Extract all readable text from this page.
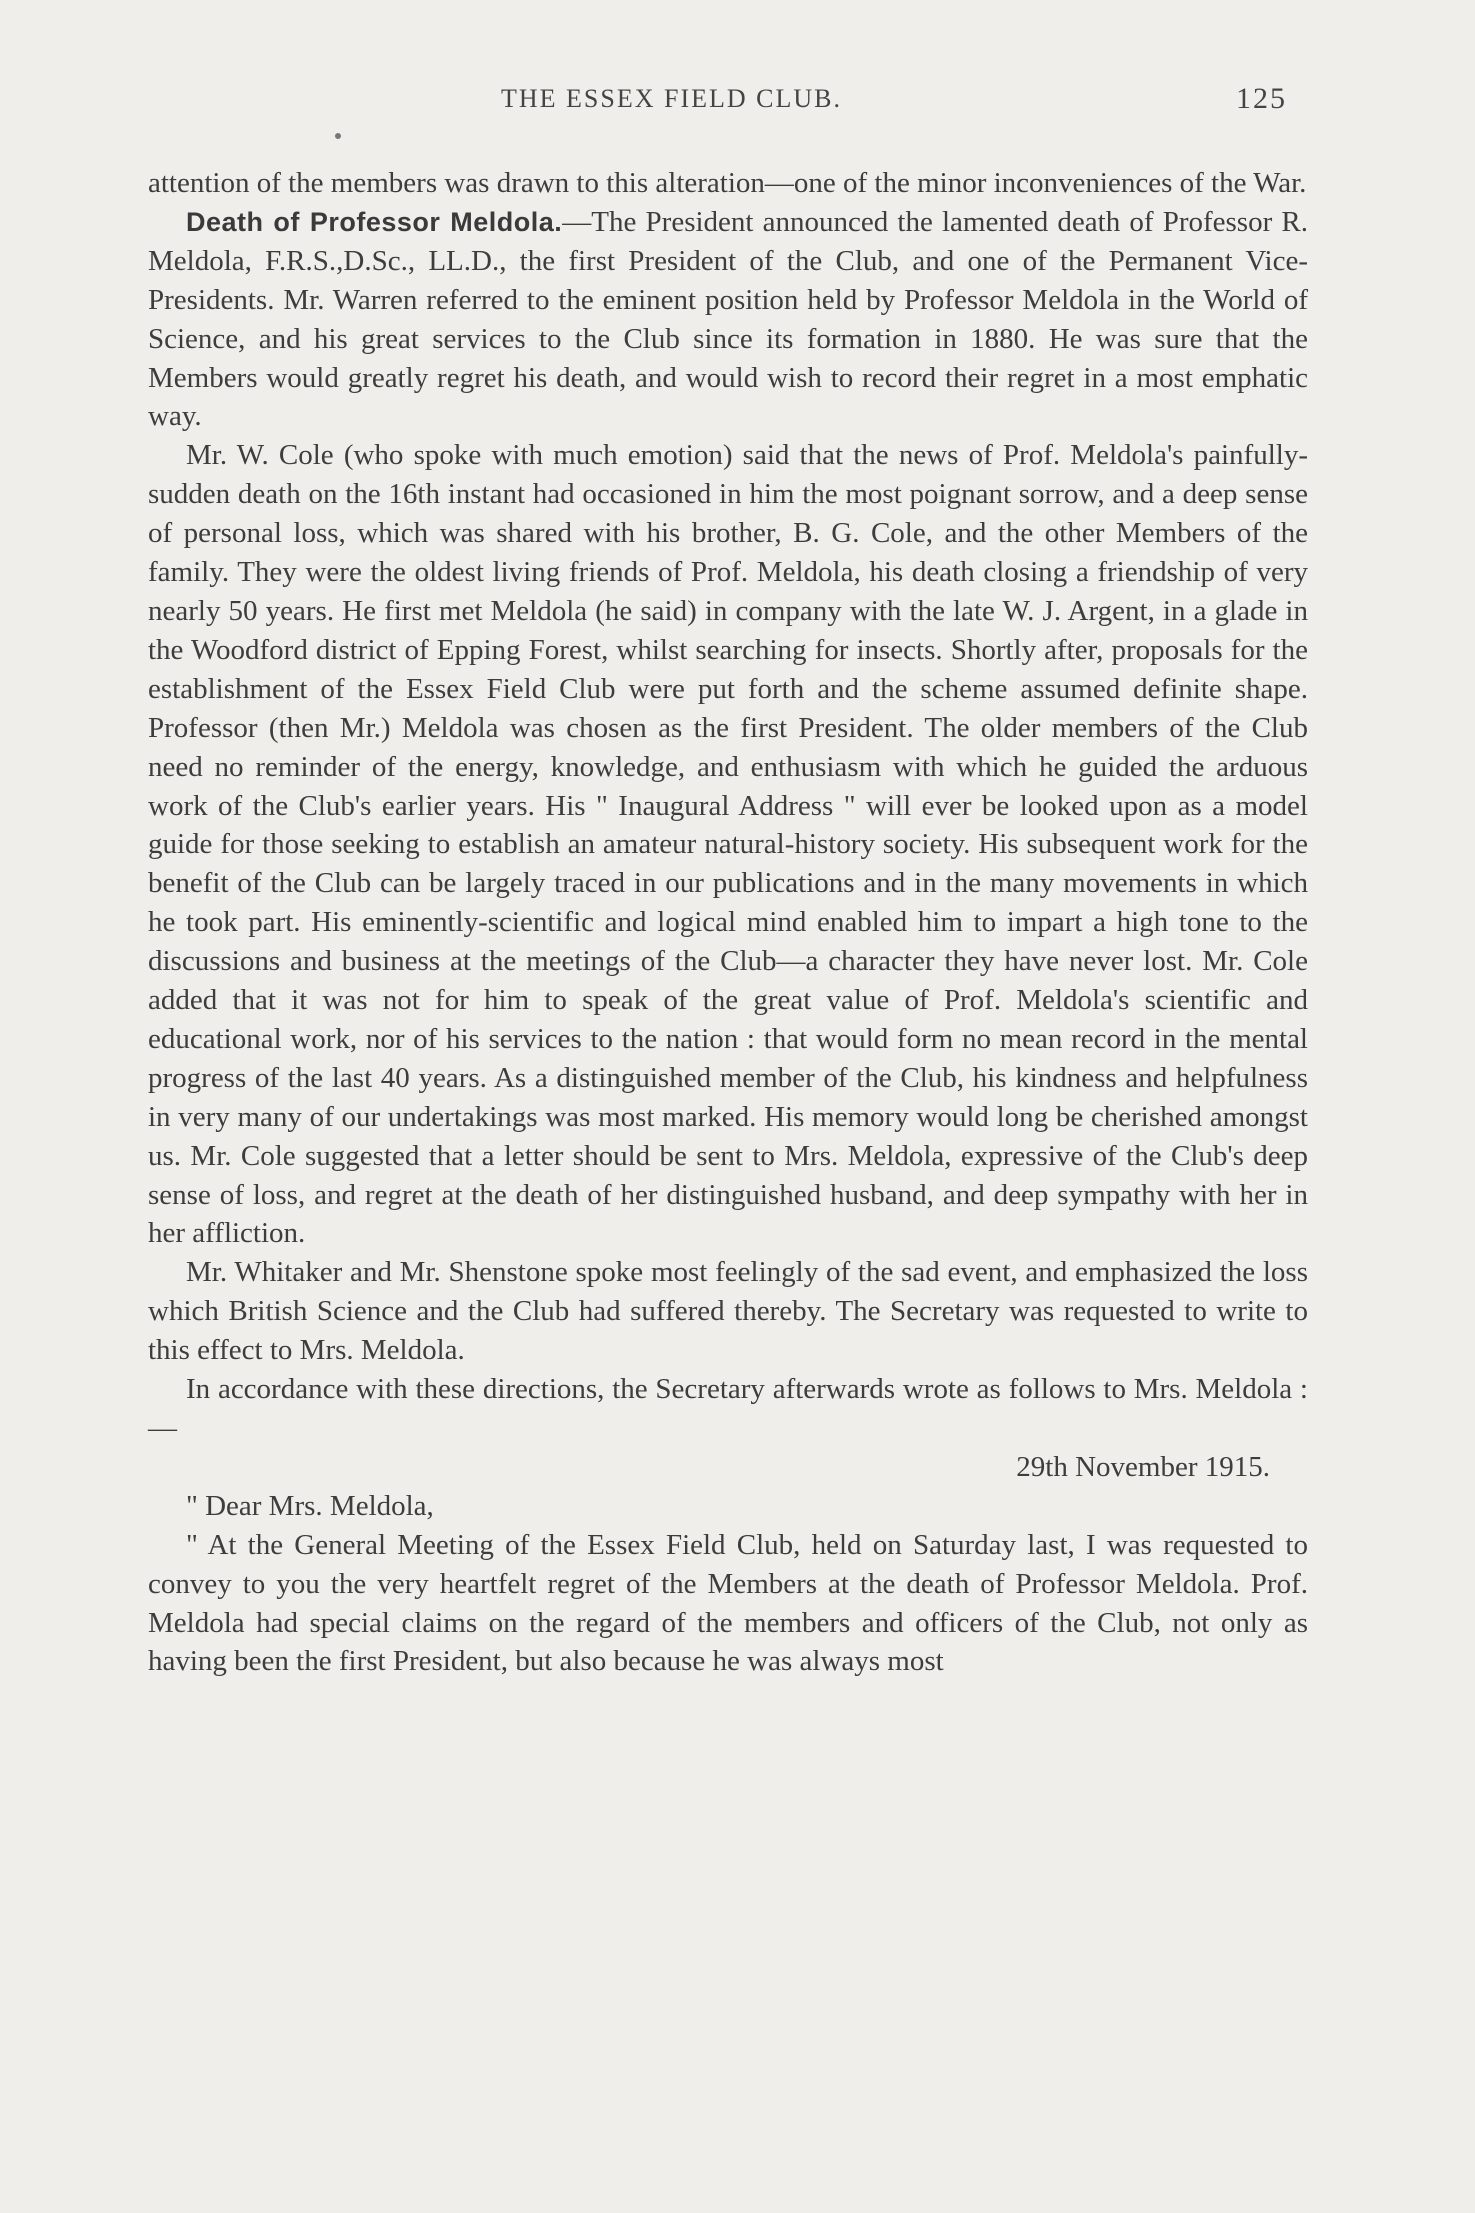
THE ESSEX FIELD CLUB.	125

attention of the members was drawn to this alteration—one of the minor inconveniences of the War.

Death of Professor Meldola.—The President announced the lamented death of Professor R. Meldola, F.R.S.,D.Sc., LL.D., the first President of the Club, and one of the Permanent Vice-Presidents. Mr. Warren referred to the eminent position held by Professor Meldola in the World of Science, and his great services to the Club since its formation in 1880. He was sure that the Members would greatly regret his death, and would wish to record their regret in a most emphatic way.

Mr. W. Cole (who spoke with much emotion) said that the news of Prof. Meldola's painfully-sudden death on the 16th instant had occasioned in him the most poignant sorrow, and a deep sense of personal loss, which was shared with his brother, B. G. Cole, and the other Members of the family. They were the oldest living friends of Prof. Meldola, his death closing a friendship of very nearly 50 years. He first met Meldola (he said) in company with the late W. J. Argent, in a glade in the Woodford district of Epping Forest, whilst searching for insects. Shortly after, proposals for the establishment of the Essex Field Club were put forth and the scheme assumed definite shape. Professor (then Mr.) Meldola was chosen as the first President. The older members of the Club need no reminder of the energy, knowledge, and enthusiasm with which he guided the arduous work of the Club's earlier years. His " Inaugural Address " will ever be looked upon as a model guide for those seeking to establish an amateur natural-history society. His subsequent work for the benefit of the Club can be largely traced in our publications and in the many movements in which he took part. His eminently-scientific and logical mind enabled him to impart a high tone to the discussions and business at the meetings of the Club—a character they have never lost. Mr. Cole added that it was not for him to speak of the great value of Prof. Meldola's scientific and educational work, nor of his services to the nation : that would form no mean record in the mental progress of the last 40 years. As a distinguished member of the Club, his kindness and helpfulness in very many of our undertakings was most marked. His memory would long be cherished amongst us. Mr. Cole suggested that a letter should be sent to Mrs. Meldola, expressive of the Club's deep sense of loss, and regret at the death of her distinguished husband, and deep sympathy with her in her affliction.

Mr. Whitaker and Mr. Shenstone spoke most feelingly of the sad event, and emphasized the loss which British Science and the Club had suffered thereby. The Secretary was requested to write to this effect to Mrs. Meldola.

In accordance with these directions, the Secretary afterwards wrote as follows to Mrs. Meldola :—

29th November 1915.

" Dear Mrs. Meldola,

" At the General Meeting of the Essex Field Club, held on Saturday last, I was requested to convey to you the very heartfelt regret of the Members at the death of Professor Meldola. Prof. Meldola had special claims on the regard of the members and officers of the Club, not only as having been the first President, but also because he was always most
